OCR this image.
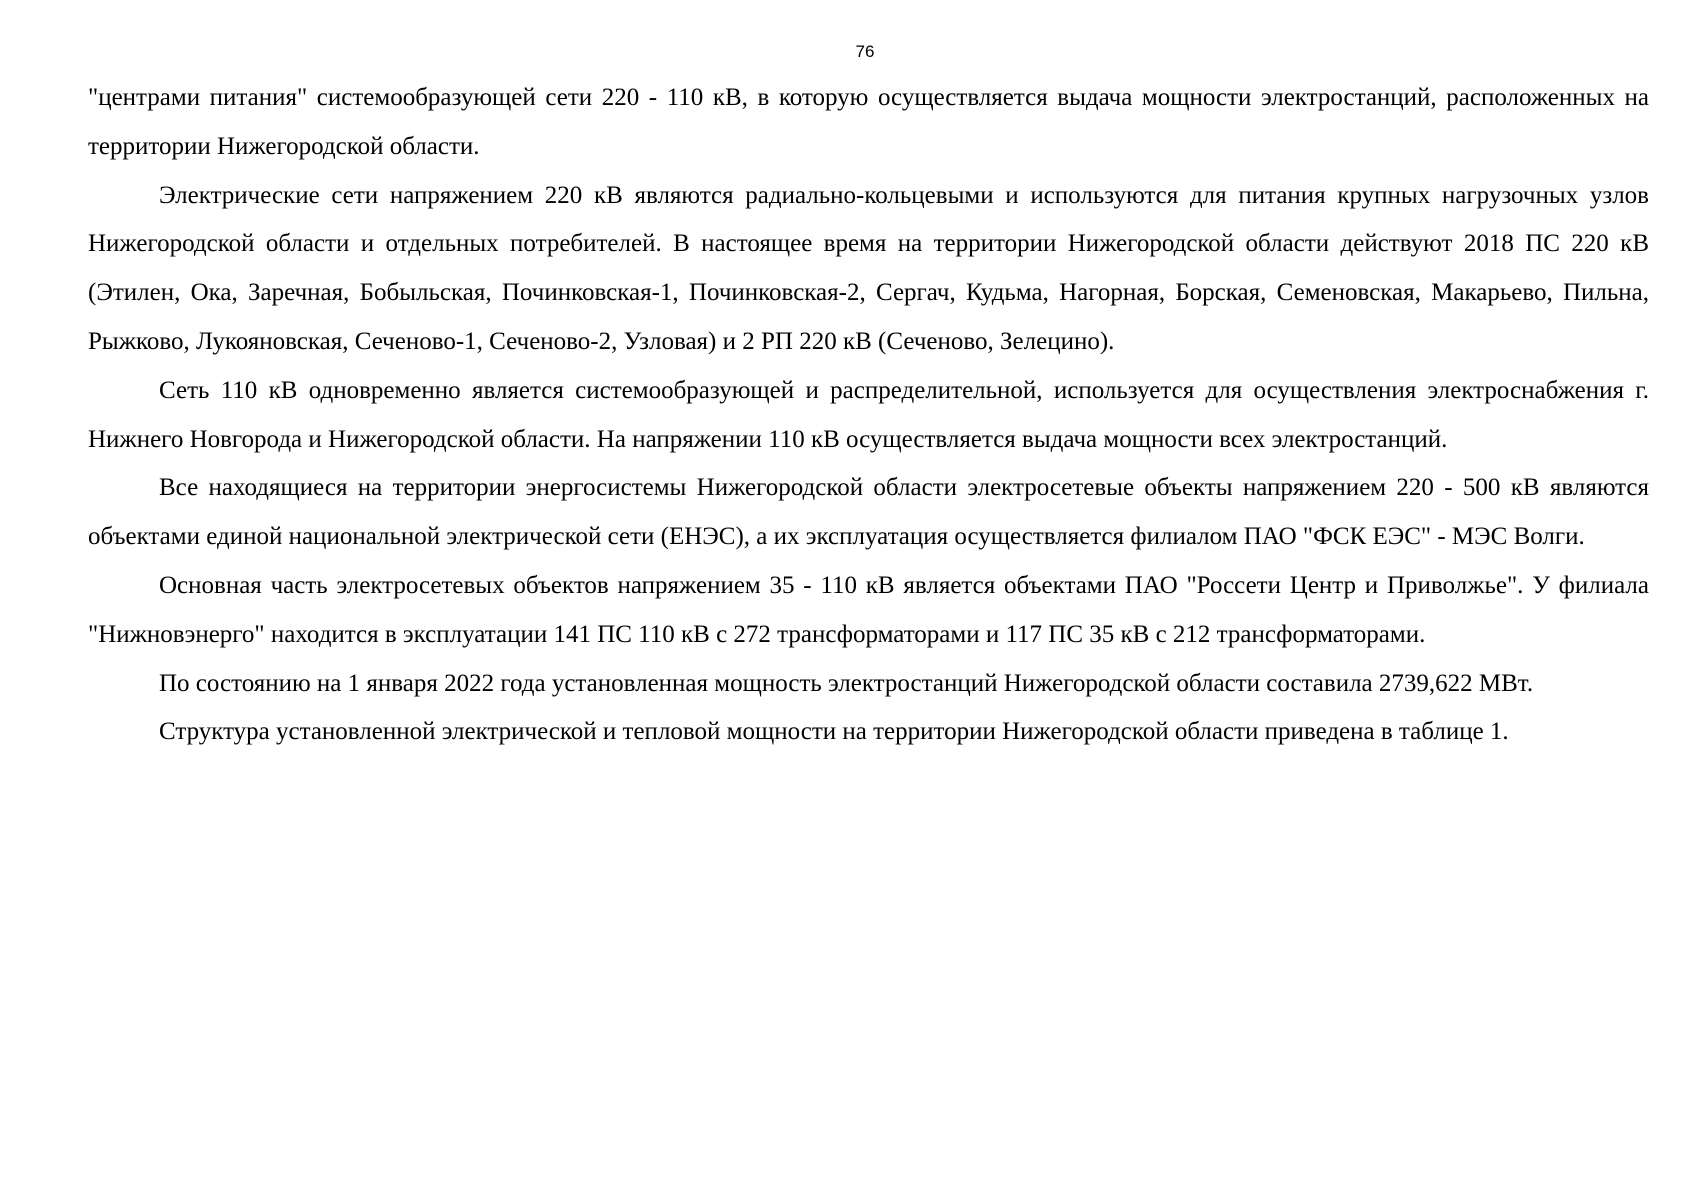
76

"центрами питания" системообразующей сети 220 - 110 кВ, в которую осуществляется выдача мощности электростанций, расположенных на территории Нижегородской области.

Электрические сети напряжением 220 кВ являются радиально-кольцевыми и используются для питания крупных нагрузочных узлов Нижегородской области и отдельных потребителей. В настоящее время на территории Нижегородской области действуют 2018 ПС 220 кВ (Этилен, Ока, Заречная, Бобыльская, Починковская-1, Починковская-2, Сергач, Кудьма, Нагорная, Борская, Семеновская, Макарьево, Пильна, Рыжково, Лукояновская, Сеченово-1, Сеченово-2, Узловая) и 2 РП 220 кВ (Сеченово, Зелецино).

Сеть 110 кВ одновременно является системообразующей и распределительной, используется для осуществления электроснабжения г. Нижнего Новгорода и Нижегородской области. На напряжении 110 кВ осуществляется выдача мощности всех электростанций.

Все находящиеся на территории энергосистемы Нижегородской области электросетевые объекты напряжением 220 - 500 кВ являются объектами единой национальной электрической сети (ЕНЭС), а их эксплуатация осуществляется филиалом ПАО "ФСК ЕЭС" - МЭС Волги.

Основная часть электросетевых объектов напряжением 35 - 110 кВ является объектами ПАО "Россети Центр и Приволжье". У филиала "Нижновэнерго" находится в эксплуатации 141 ПС 110 кВ с 272 трансформаторами и 117 ПС 35 кВ с 212 трансформаторами.

По состоянию на 1 января 2022 года установленная мощность электростанций Нижегородской области составила 2739,622 МВт.

Структура установленной электрической и тепловой мощности на территории Нижегородской области приведена в таблице 1.
